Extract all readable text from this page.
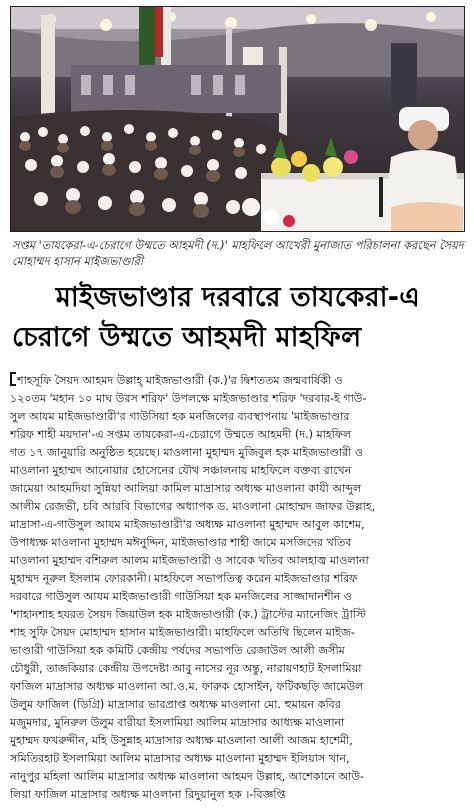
সপ্তম 'তাযকেরা-এ-চেরাগে উম্মতে আহমদী (দ.)' মাহফিলে আখেরী মুনাজাত পরিচালনা করছেন সৈয়দ মোহাম্মদ হাসান মাইজভাণ্ডারী
মাইজভাণ্ডার দরবারে তাযকেরা-এ
চেরাগে উম্মতে আহমদী মাহফিল
শাহসূফি সৈয়দ আহমদ উল্লাহ্ মাইজভাণ্ডারী (ক.)'র দ্বিশততম জন্মবার্ষিকী ও
১২০তম 'মহান ১০ মাঘ উরস শরিফ' উপলক্ষে মাইজভাণ্ডার শরিফ 'দরবার-ই গাউ-
সুল আযম মাইজভাণ্ডারী'র গাউসিয়া হক মনজিলের ব্যবস্থাপনায় 'মাইজভাণ্ডার
শরিফ শাহী ময়দান'-এ সপ্তম তাযকেরা-এ-চেরাগে উম্মতে আহমদী (দ.) মাহফিল
গত ১৭ জানুয়ারি অনুষ্ঠিত হয়েছে। মাওলানা মুহাম্মদ মুজিবুল হক মাইজভাণ্ডারী ও
মাওলানা মুহাম্মদ আনোয়ার হোসেনের যৌথ সঞ্চালনায় মাহফিলে বক্তব্য রাখেন
জামেয়া আহমদিয়া সুন্নিয়া আলিয়া কামিল মাদ্রাসার অধ্যক্ষ মাওলানা কাযী আব্দুল
আলীম রেজভী, চবি আরবি বিভাগের অধ্যাপক ড. মাওলানা মোহাম্মদ জাফর উল্লাহ,
মাদ্রাসা-এ-গাউসুল আযম মাইজভাণ্ডারী'র অধ্যক্ষ মাওলানা মুহাম্মদ আবুল কাশেম,
উপাধ্যক্ষ মাওলানা মুহাম্মদ মঈনুদ্দিন, মাইজভাণ্ডার শাহী জামে মসজিদের খতিব
মাওলানা মুহাম্মদ বশিরুল আলম মাইজভাণ্ডারী ও সাবেক খতিব আলহাজ্ব মাওলানা
মুহাম্মদ নূরুল ইসলাম ফোরকানী। মাহফিলে সভাপতিত্ব করেন মাইজভাণ্ডার শরিফ
দরবারে গাউসুল আযম মাইজভাণ্ডারী গাউসিয়া হক মনজিলের সাজ্জাদানশীন ও
'শাহানশাহ হযরত সৈয়দ জিয়াউল হক মাইজভাণ্ডারী (ক.) ট্রাস্টের ম্যানেজিং ট্রাস্টি
শাহ সুফি সৈয়দ মোহাম্মদ হাসান মাইজভাণ্ডারী। মাহফিলে অতিথি ছিলেন মাইজ-
ভাণ্ডারী গাউসিয়া হক কমিটি কেন্দ্রীয় পর্ষদের সভাপতি রেজাউল আলী জসীম
চৌধুরী, তাজকিয়ার কেন্দ্রীয় উপদেষ্টা আবু নাসের নূর অন্তু, নারায়ণহাট ইসলামিয়া
ফাজিল মাদ্রাসার অধ্যক্ষ মাওলানা আ.ও.ম. ফারুক হোসাইন, ফটিকছড়ি জামেউল
উলুম ফাজিল (ডিগ্রি) মাদ্রাসার ভারপ্রাপ্ত অধ্যক্ষ মাওলানা মো. হুমায়ন কবির
মজুমদার, মুনিরুল উলুম বারীয়া ইসলামিয়া আলিম মাদ্রাসার আধ্যক্ষ মাওলানা
মুহাম্মদ ফখরুদ্দীন, মহি উসুন্নাহ মাদ্রাসার অধ্যক্ষ মাওলানা আলী আজম হাশেমী,
সমিতিরহাট ইসলামিয়া আলিম মাদ্রাসার অধ্যক্ষ মাওলানা মুহাম্মদ ইলিয়াস খান,
নানুপুর মহিলা আলিম মাদ্রাসার অধ্যক্ষ মাওলানা আহমদ উল্লাহ, আশেকানে আউ-
লিয়া ফাজিল মাদ্রাসার অধ্যক্ষ মাওলানা রিদুয়ানুল হক ।-বিজ্ঞপ্তি
